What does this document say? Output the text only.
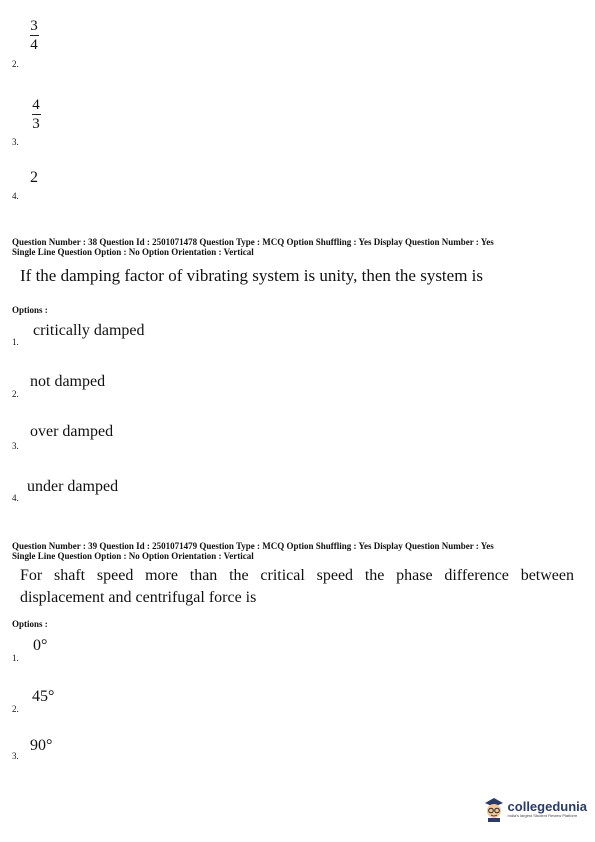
3
4
2.
4
3
3.
2
4.
Question Number : 38 Question Id : 2501071478 Question Type : MCQ Option Shuffling : Yes Display Question Number : Yes
Single Line Question Option : No Option Orientation : Vertical
If the damping factor of vibrating system is unity, then the system is
Options :
critically damped
1.
not damped
2.
over damped
3.
under damped
4.
Question Number : 39 Question Id : 2501071479 Question Type : MCQ Option Shuffling : Yes Display Question Number : Yes
Single Line Question Option : No Option Orientation : Vertical
For shaft speed more than the critical speed the phase difference between
displacement and centrifugal force is
Options :
0°
1.
45°
2.
90°
3.
collegedunia
India's largest Student Review Platform
